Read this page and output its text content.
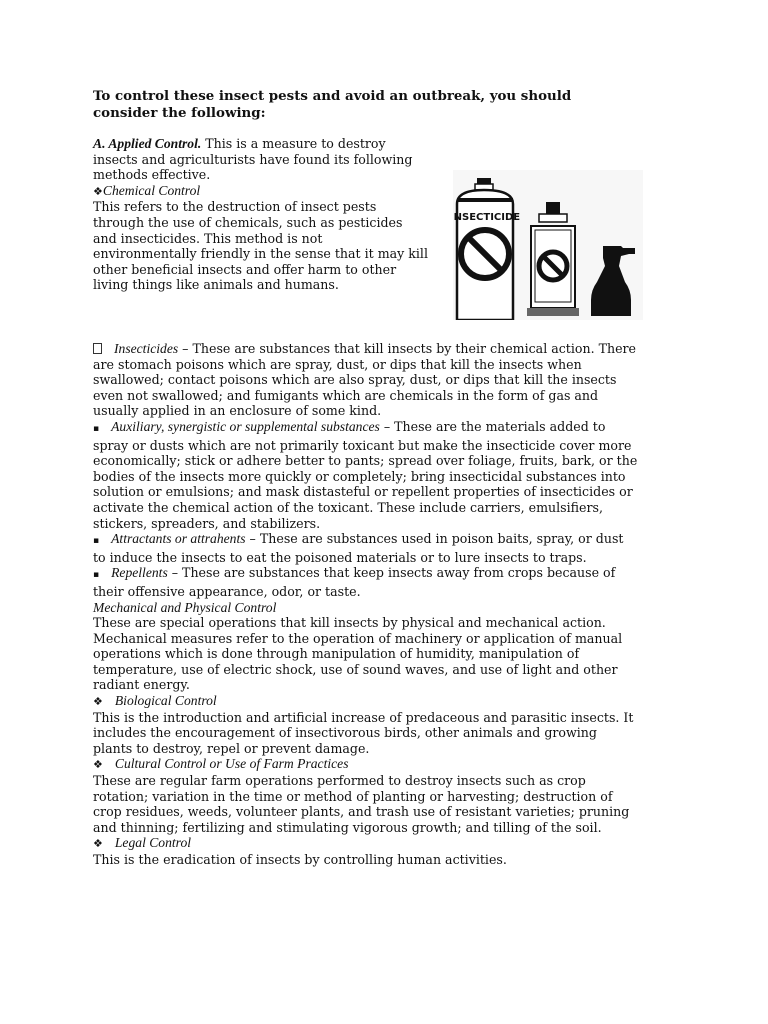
To control these insect pests and avoid an outbreak, you should consider the following:
A. Applied Control. This is a measure to destroy insects and agriculturists have found its following methods effective.
❖Chemical Control
This refers to the destruction of insect pests through the use of chemicals, such as pesticides and insecticides. This method is not environmentally friendly in the sense that it may kill other beneficial insects and offer harm to other living things like animals and humans.
INSECTICIDE
Insecticides – These are substances that kill insects by their chemical action. There are stomach poisons which are spray, dust, or dips that kill the insects when swallowed; contact poisons which are also spray, dust, or dips that kill the insects even not swallowed; and fumigants which are chemicals in the form of gas and usually applied in an enclosure of some kind.
▪ Auxiliary, synergistic or supplemental substances – These are the materials added to spray or dusts which are not primarily toxicant but make the insecticide cover more economically; stick or adhere better to pants; spread over foliage, fruits, bark, or the bodies of the insects more quickly or completely; bring insecticidal substances into solution or emulsions; and mask distasteful or repellent properties of insecticides or activate the chemical action of the toxicant. These include carriers, emulsifiers, stickers, spreaders, and stabilizers.
▪ Attractants or attrahents – These are substances used in poison baits, spray, or dust to induce the insects to eat the poisoned materials or to lure insects to traps.
▪ Repellents – These are substances that keep insects away from crops because of their offensive appearance, odor, or taste.
Mechanical and Physical Control
These are special operations that kill insects by physical and mechanical action. Mechanical measures refer to the operation of machinery or application of manual operations which is done through manipulation of humidity, manipulation of temperature, use of electric shock, use of sound waves, and use of light and other radiant energy.
❖ Biological Control
This is the introduction and artificial increase of predaceous and parasitic insects. It includes the encouragement of insectivorous birds, other animals and growing plants to destroy, repel or prevent damage.
❖ Cultural Control or Use of Farm Practices
These are regular farm operations performed to destroy insects such as crop rotation; variation in the time or method of planting or harvesting; destruction of crop residues, weeds, volunteer plants, and trash use of resistant varieties; pruning and thinning; fertilizing and stimulating vigorous growth; and tilling of the soil.
❖ Legal Control
This is the eradication of insects by controlling human activities.
